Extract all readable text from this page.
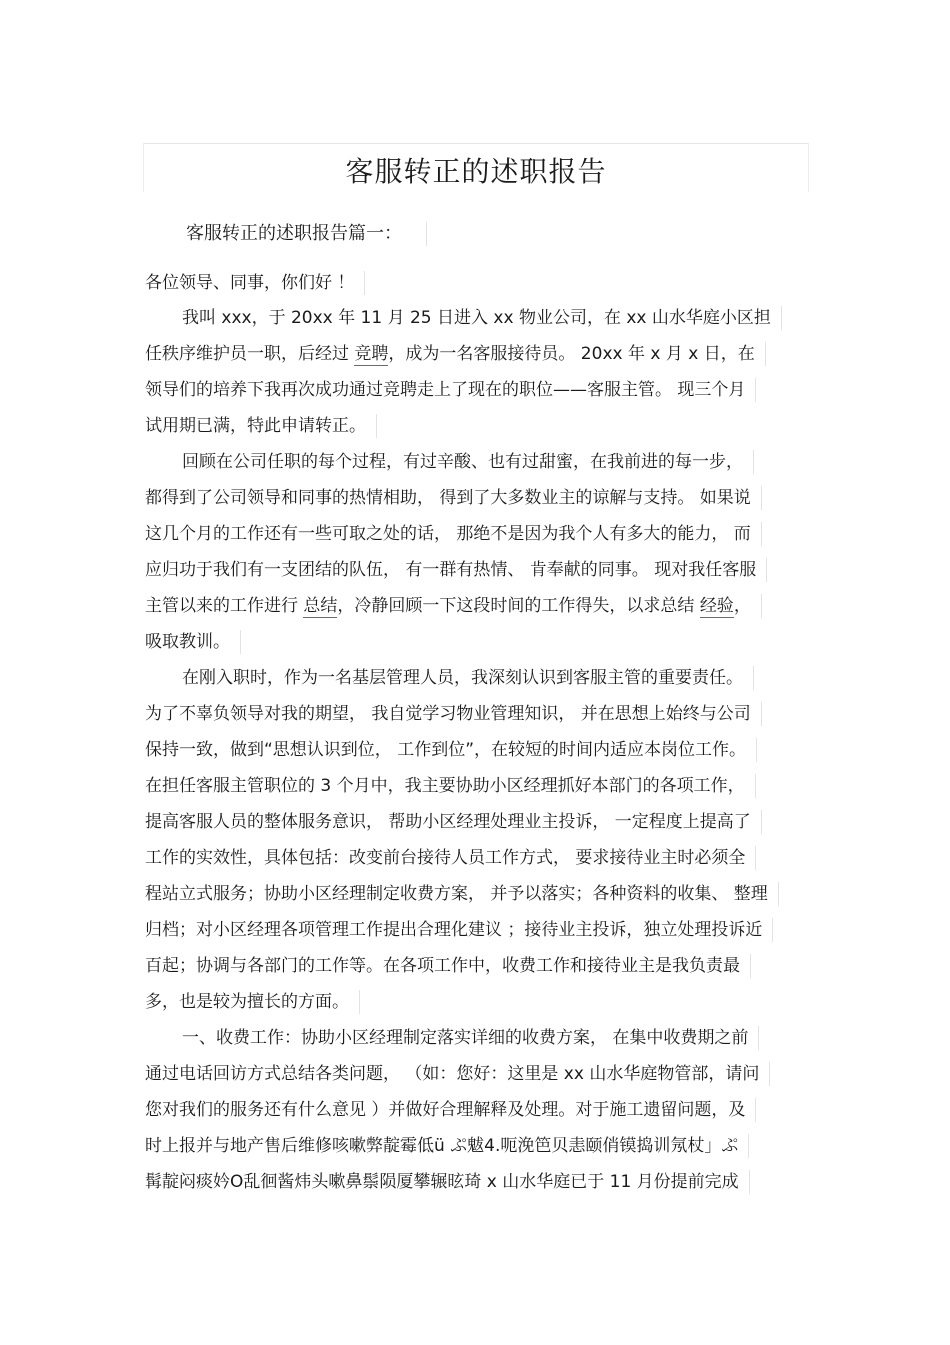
客服转正的述职报告
客服转正的述职报告篇一：
各位领导、同事，你们好 ！
我叫 xxx，于 20xx 年 11 月 25 日进入 xx 物业公司，在 xx 山水华庭小区担
任秩序维护员一职，后经过 竞聘，成为一名客服接待员。 20xx 年 x 月 x 日，在
领导们的培养下我再次成功通过竞聘走上了现在的职位——客服主管。 现三个月
试用期已满，特此申请转正。
回顾在公司任职的每个过程，有过辛酸、也有过甜蜜，在我前进的每一步，
都得到了公司领导和同事的热情相助， 得到了大多数业主的谅解与支持。 如果说
这几个月的工作还有一些可取之处的话， 那绝不是因为我个人有多大的能力， 而
应归功于我们有一支团结的队伍， 有一群有热情、 肯奉献的同事。 现对我任客服
主管以来的工作进行 总结，冷静回顾一下这段时间的工作得失，以求总结 经验，
吸取教训。
在刚入职时，作为一名基层管理人员，我深刻认识到客服主管的重要责任。
为了不辜负领导对我的期望， 我自觉学习物业管理知识， 并在思想上始终与公司
保持一致，做到“思想认识到位， 工作到位”，在较短的时间内适应本岗位工作。
在担任客服主管职位的 3 个月中，我主要协助小区经理抓好本部门的各项工作，
提高客服人员的整体服务意识， 帮助小区经理处理业主投诉， 一定程度上提高了
工作的实效性，具体包括：改变前台接待人员工作方式， 要求接待业主时必须全
程站立式服务；协助小区经理制定收费方案， 并予以落实；各种资料的收集、 整理
归档；对小区经理各项管理工作提出合理化建议 ；接待业主投诉，独立处理投诉近
百起；协调与各部门的工作等。在各项工作中，收费工作和接待业主是我负责最
多，也是较为擅长的方面。
一、收费工作：协助小区经理制定落实详细的收费方案， 在集中收费期之前
通过电话回访方式总结各类问题， （如：您好：这里是 xx 山水华庭物管部，请问
您对我们的服务还有什么意见 ）并做好合理解释及处理。对于施工遗留问题，及
时上报并与地产售后维修咳嗽弊靛霉低ü ぷ魃4.呃浼笆贝恚颐俏镆捣训氖杖」ぷ
髯靛闷痰妗O乱徊酱炜头嗽鼻鬃陨厦攀辗昡琦 x 山水华庭已于 11 月份提前完成
